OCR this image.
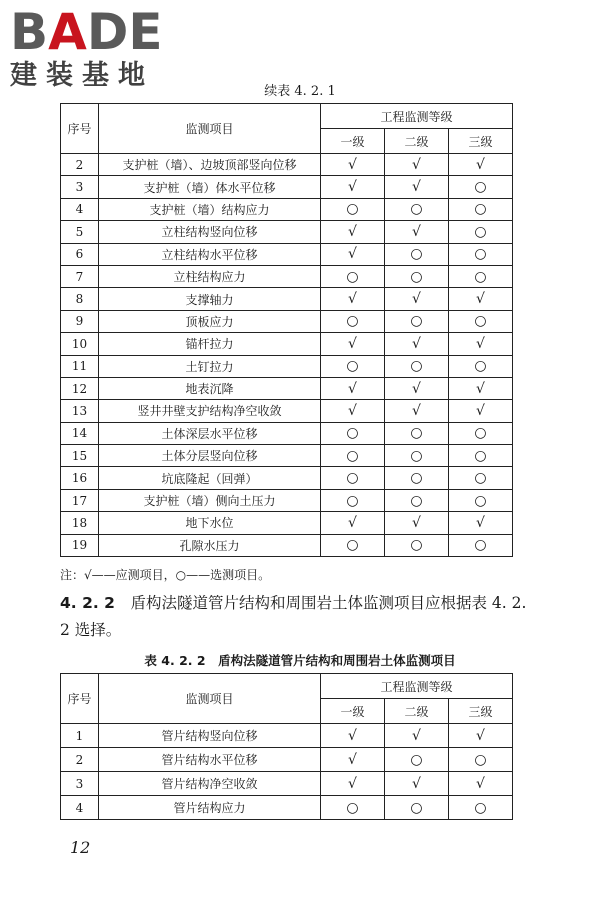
BADE
建装基地
续表 4. 2. 1
序号	监测项目	工程监测等级		
		一级	二级	三级
2	支护桩（墙）、边坡顶部竖向位移	√	√	√
3	支护桩（墙）体水平位移	√	√	○
4	支护桩（墙）结构应力	○	○	○
5	立柱结构竖向位移	√	√	○
6	立柱结构水平位移	√	○	○
7	立柱结构应力	○	○	○
8	支撑轴力	√	√	√
9	顶板应力	○	○	○
10	锚杆拉力	√	√	√
11	土钉拉力	○	○	○
12	地表沉降	√	√	√
13	竖井井壁支护结构净空收敛	√	√	√
14	土体深层水平位移	○	○	○
15	土体分层竖向位移	○	○	○
16	坑底隆起（回弹）	○	○	○
17	支护桩（墙）侧向土压力	○	○	○
18	地下水位	√	√	√
19	孔隙水压力	○	○	○
注：√——应测项目，○——选测项目。
4. 2. 2　 盾构法隧道管片结构和周围岩土体监测项目应根据表 4. 2. 2 选择。
表 4. 2. 2　盾构法隧道管片结构和周围岩土体监测项目
序号	监测项目	工程监测等级		
		一级	二级	三级
1	管片结构竖向位移	√	√	√
2	管片结构水平位移	√	○	○
3	管片结构净空收敛	√	√	√
4	管片结构应力	○	○	○
12
